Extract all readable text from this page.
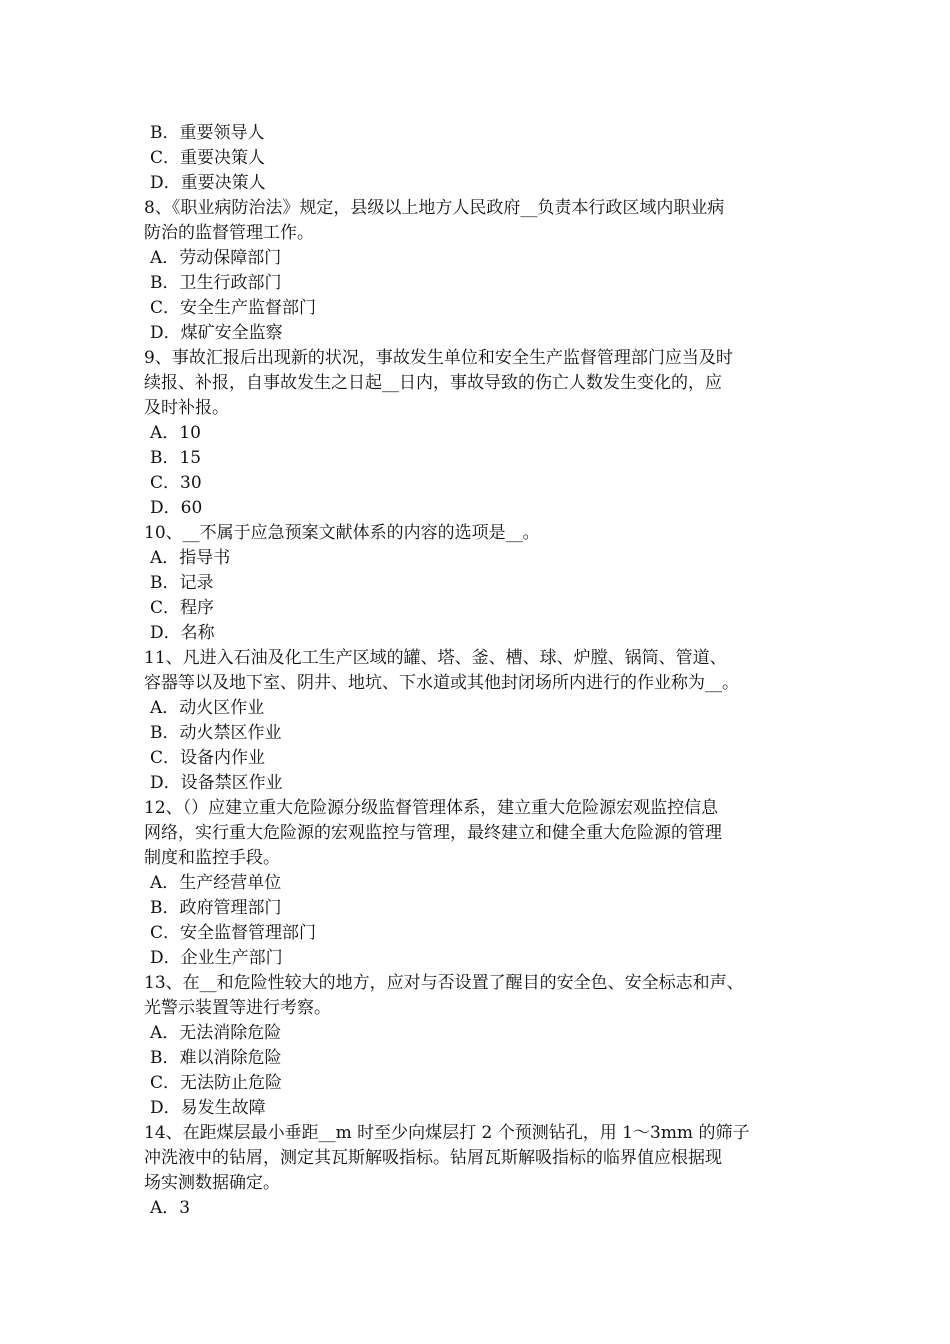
B．重要领导人

C．重要决策人

D．重要决策人

8、《职业病防治法》规定，县级以上地方人民政府__负责本行政区域内职业病

防治的监督管理工作。

A．劳动保障部门

B．卫生行政部门

C．安全生产监督部门

D．煤矿安全监察

9、事故汇报后出现新的状况，事故发生单位和安全生产监督管理部门应当及时

续报、补报，自事故发生之日起__日内，事故导致的伤亡人数发生变化的，应

及时补报。

A．10

B．15

C．30

D．60

10、__不属于应急预案文献体系的内容的选项是__。

A．指导书

B．记录

C．程序

D．名称

11、凡进入石油及化工生产区域的罐、塔、釜、槽、球、炉膛、锅筒、管道、

容器等以及地下室、阴井、地坑、下水道或其他封闭场所内进行的作业称为__。

A．动火区作业

B．动火禁区作业

C．设备内作业

D．设备禁区作业

12、（）应建立重大危险源分级监督管理体系，建立重大危险源宏观监控信息

网络，实行重大危险源的宏观监控与管理，最终建立和健全重大危险源的管理

制度和监控手段。

A．生产经营单位

B．政府管理部门

C．安全监督管理部门

D．企业生产部门

13、在__和危险性较大的地方，应对与否设置了醒目的安全色、安全标志和声、

光警示装置等进行考察。

A．无法消除危险

B．难以消除危险

C．无法防止危险

D．易发生故障

14、在距煤层最小垂距__m 时至少向煤层打 2 个预测钻孔，用 1～3mm 的筛子

冲洗液中的钻屑，测定其瓦斯解吸指标。钻屑瓦斯解吸指标的临界值应根据现

场实测数据确定。

A．3
